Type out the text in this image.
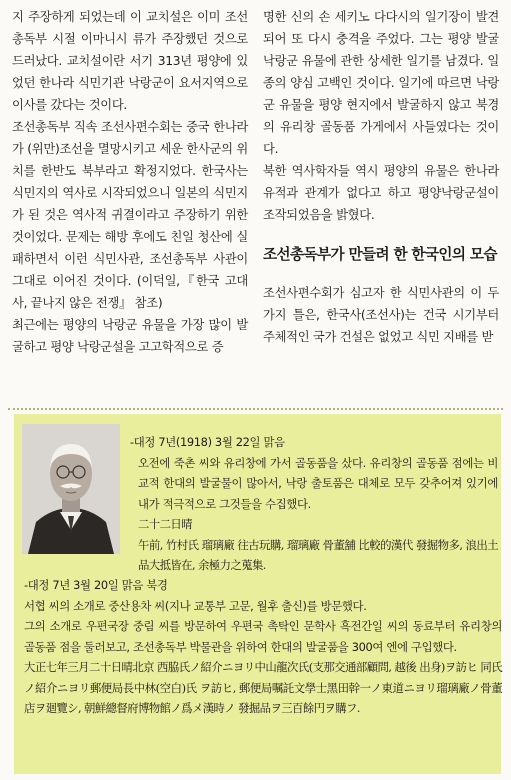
지 주장하게 되었는데 이 교치설은 이미 조선총독부 시절 이마니시 류가 주장했던 것으로 드러났다. 교치설이란 서기 313년 평양에 있었던 한나라 식민기관 낙랑군이 요서지역으로 이사를 갔다는 것이다.

조선총독부 직속 조선사편수회는 중국 한나라가 (위만)조선을 멸망시키고 세운 한사군의 위치를 한반도 북부라고 확정지었다. 한국사는 식민지의 역사로 시작되었으니 일본의 식민지가 된 것은 역사적 귀결이라고 주장하기 위한 것이었다. 문제는 해방 후에도 친일 청산에 실패하면서 이런 식민사관, 조선총독부 사관이 그대로 이어진 것이다. (이덕일,『한국 고대사, 끝나지 않은 전쟁』 참조)

최근에는 평양의 낙랑군 유물을 가장 많이 발굴하고 평양 낙랑군설을 고고학적으로 증

명한 신의 손 세키노 다다시의 일기장이 발견되어 또 다시 충격을 주었다. 그는 평양 발굴 낙랑군 유물에 관한 상세한 일기를 남겼다. 일종의 양심 고백인 것이다. 일기에 따르면 낙랑군 유물을 평양 현지에서 발굴하지 않고 북경의 유리창 골동품 가게에서 사들였다는 것이다.

북한 역사학자들 역시 평양의 유물은 한나라 유적과 관계가 없다고 하고 평양낙랑군설이 조작되었음을 밝혔다.

조선총독부가 만들려 한 한국인의 모습

조선사편수회가 심고자 한 식민사관의 이 두 가지 틀은, 한국사(조선사)는 건국 시기부터 주체적인 국가 건설은 없었고 식민 지배를 받

-대정 7년(1918) 3월 22일 맑음

오전에 죽촌 씨와 유리창에 가서 골동품을 샀다. 유리창의 골동품 점에는 비교적 한대의 발굴물이 많아서, 낙랑 출토품은 대체로 모두 갖추어져 있기에 내가 적극적으로 그것들을 수집했다.

二十二日晴

午前, 竹村氏 瑠璃廠 往古玩購, 瑠璃廠 骨董舖 比較的漢代 發掘物多, 浪出土品大抵皆在, 余極力之蒐集.

-대정 7년 3월 20일 맑음 북경

서협 씨의 소개로 중산용차 씨(지나 교통부 고문, 월후 출신)를 방문했다.

그의 소개로 우편국장 중림 씨를 방문하여 우편국 촉탁인 문학사 흑전간일 씨의 동료부터 유리창의 골동품 점을 둘러보고, 조선총독부 박물관을 위하여 한대의 발굴품을 300여 엔에 구입했다.

大正七年三月二十日晴北京 西脇氏ノ紹介ニヨリ中山龍次氏(支那交通部顧問, 越後 出身)ヲ訪ヒ 同氏ノ紹介ニヨリ郵便局長中林(空白)氏 ヲ訪ヒ, 郵便局嘱託文學士黑田幹一ノ東道ニヨリ瑠璃廠ノ骨董店ヲ廻覽シ, 朝鮮總督府博物館ノ爲メ漢時ノ 發掘品ヲ三百餘円ヲ購フ.
